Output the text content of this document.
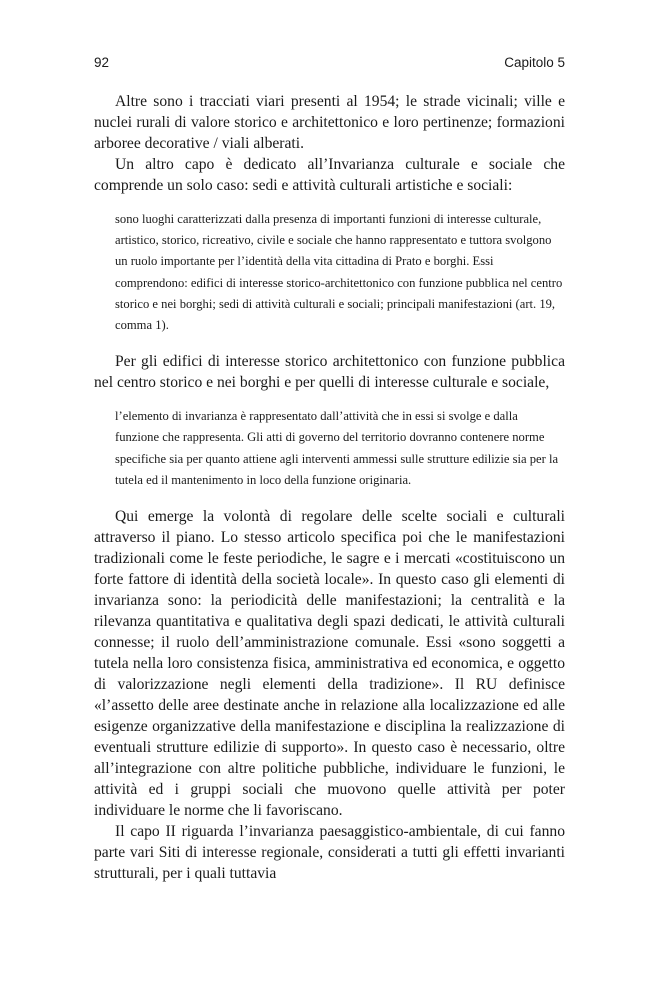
92	Capitolo 5

Altre sono i tracciati viari presenti al 1954; le strade vicinali; ville e nuclei rurali di valore storico e architettonico e loro pertinenze; formazioni arboree decorative / viali alberati.

Un altro capo è dedicato all’Invarianza culturale e sociale che comprende un solo caso: sedi e attività culturali artistiche e sociali:

sono luoghi caratterizzati dalla presenza di importanti funzioni di interesse culturale, artistico, storico, ricreativo, civile e sociale che hanno rappresentato e tuttora svolgono un ruolo importante per l’identità della vita cittadina di Prato e borghi. Essi comprendono: edifici di interesse storico-architettonico con funzione pubblica nel centro storico e nei borghi; sedi di attività culturali e sociali; principali manifestazioni (art. 19, comma 1).

Per gli edifici di interesse storico architettonico con funzione pubblica nel centro storico e nei borghi e per quelli di interesse culturale e sociale,

l’elemento di invarianza è rappresentato dall’attività che in essi si svolge e dalla funzione che rappresenta. Gli atti di governo del territorio dovranno contenere norme specifiche sia per quanto attiene agli interventi ammessi sulle strutture edilizie sia per la tutela ed il mantenimento in loco della funzione originaria.

Qui emerge la volontà di regolare delle scelte sociali e culturali attraverso il piano. Lo stesso articolo specifica poi che le manifestazioni tradizionali come le feste periodiche, le sagre e i mercati «costituiscono un forte fattore di identità della società locale». In questo caso gli elementi di invarianza sono: la periodicità delle manifestazioni; la centralità e la rilevanza quantitativa e qualitativa degli spazi dedicati, le attività culturali connesse; il ruolo dell’amministrazione comunale. Essi «sono soggetti a tutela nella loro consistenza fisica, amministrativa ed economica, e oggetto di valorizzazione negli elementi della tradizione». Il RU definisce «l’assetto delle aree destinate anche in relazione alla localizzazione ed alle esigenze organizzative della manifestazione e disciplina la realizzazione di eventuali strutture edilizie di supporto». In questo caso è necessario, oltre all’integrazione con altre politiche pubbliche, individuare le funzioni, le attività ed i gruppi sociali che muovono quelle attività per poter individuare le norme che li favoriscano.

Il capo II riguarda l’invarianza paesaggistico-ambientale, di cui fanno parte vari Siti di interesse regionale, considerati a tutti gli effetti invarianti strutturali, per i quali tuttavia
